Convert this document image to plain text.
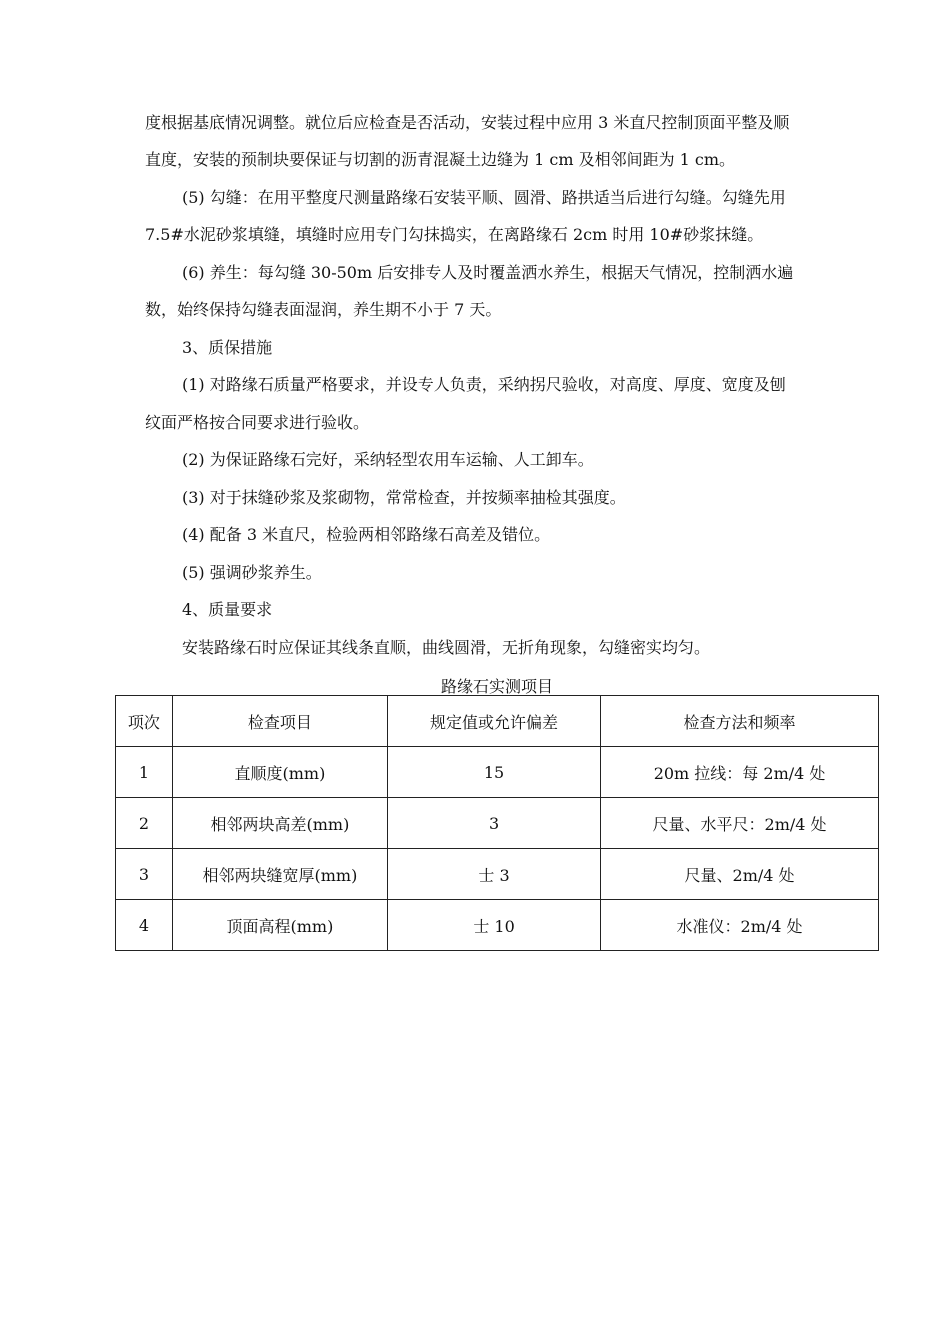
度根据基底情况调整。就位后应检查是否活动，安装过程中应用 3 米直尺控制顶面平整及顺
直度，安装的预制块要保证与切割的沥青混凝土边缝为 1 cm 及相邻间距为 1 cm。
(5) 勾缝：在用平整度尺测量路缘石安装平顺、圆滑、路拱适当后进行勾缝。勾缝先用
7.5#水泥砂浆填缝，填缝时应用专门勾抹捣实，在离路缘石 2cm 时用 10#砂浆抹缝。
(6) 养生：每勾缝 30-50m 后安排专人及时覆盖洒水养生，根据天气情况，控制洒水遍
数，始终保持勾缝表面湿润，养生期不小于 7 天。
3、质保措施
(1) 对路缘石质量严格要求，并设专人负责，采纳拐尺验收，对高度、厚度、宽度及刨
纹面严格按合同要求进行验收。
(2) 为保证路缘石完好，采纳轻型农用车运输、人工卸车。
(3) 对于抹缝砂浆及浆砌物，常常检查，并按频率抽检其强度。
(4) 配备 3 米直尺，检验两相邻路缘石高差及错位。
(5) 强调砂浆养生。
4、质量要求
安装路缘石时应保证其线条直顺，曲线圆滑，无折角现象，勾缝密实均匀。
路缘石实测项目
项次	检查项目	规定值或允许偏差	检查方法和频率
1	直顺度(mm)	15	20m 拉线：每 2m/4 处
2	相邻两块高差(mm)	3	尺量、水平尺：2m/4 处
3	相邻两块缝宽厚(mm)	士 3	尺量、2m/4 处
4	顶面高程(mm)	士 10	水准仪：2m/4 处
